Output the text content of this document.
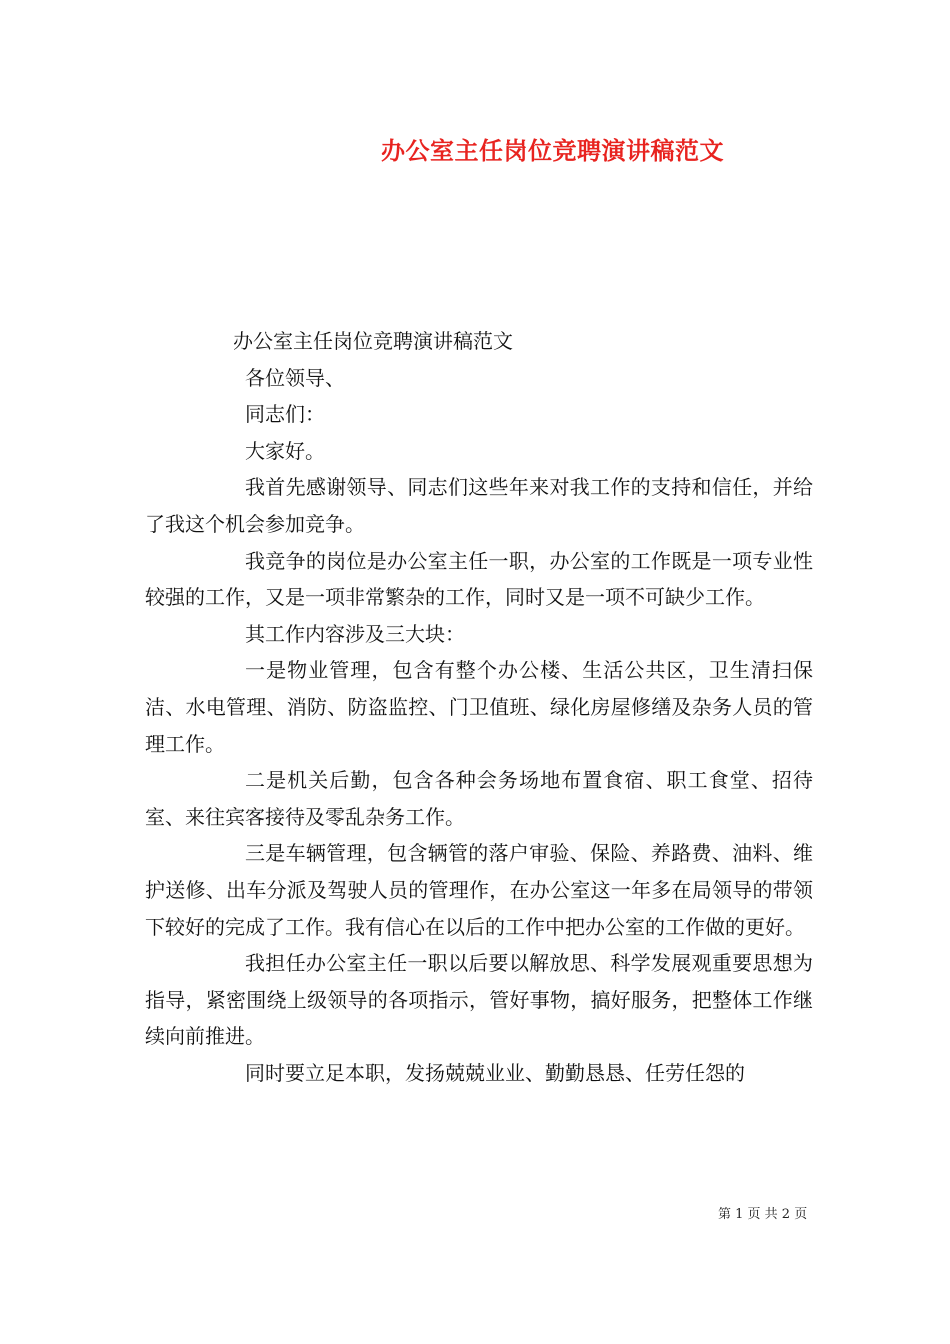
办公室主任岗位竞聘演讲稿范文

办公室主任岗位竞聘演讲稿范文

各位领导、

同志们：

大家好。

我首先感谢领导、同志们这些年来对我工作的支持和信任，并给了我这个机会参加竞争。

我竞争的岗位是办公室主任一职，办公室的工作既是一项专业性较强的工作，又是一项非常繁杂的工作，同时又是一项不可缺少工作。

其工作内容涉及三大块：

一是物业管理，包含有整个办公楼、生活公共区，卫生清扫保洁、水电管理、消防、防盗监控、门卫值班、绿化房屋修缮及杂务人员的管理工作。

二是机关后勤，包含各种会务场地布置食宿、职工食堂、招待室、来往宾客接待及零乱杂务工作。

三是车辆管理，包含辆管的落户审验、保险、养路费、油料、维护送修、出车分派及驾驶人员的管理作，在办公室这一年多在局领导的带领下较好的完成了工作。我有信心在以后的工作中把办公室的工作做的更好。

我担任办公室主任一职以后要以解放思、科学发展观重要思想为指导，紧密围绕上级领导的各项指示，管好事物，搞好服务，把整体工作继续向前推进。

同时要立足本职，发扬兢兢业业、勤勤恳恳、任劳任怨的

第 1 页 共 2 页
